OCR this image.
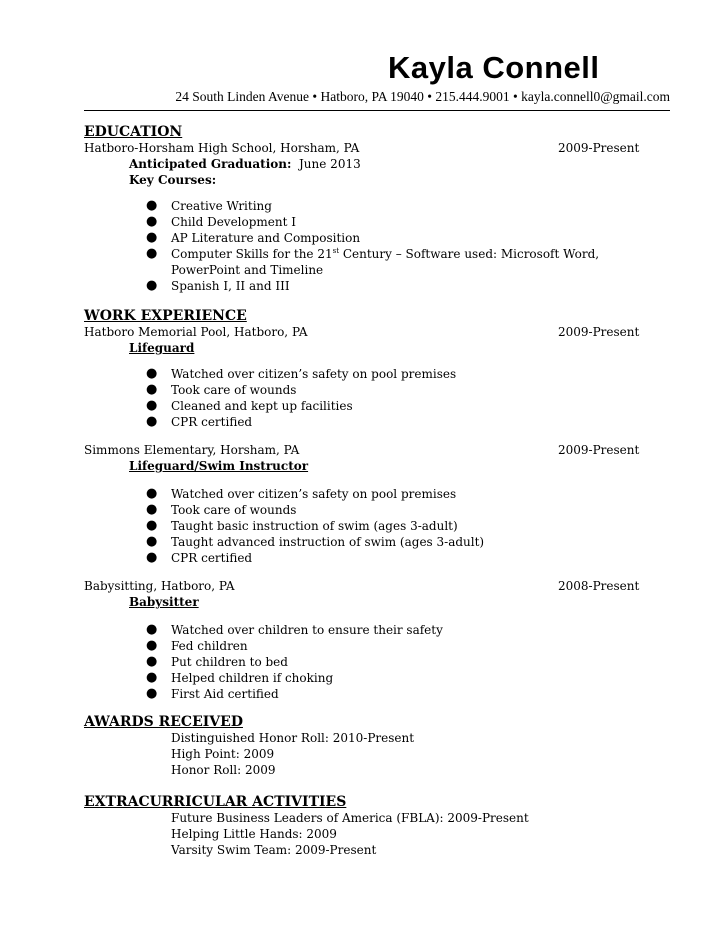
Kayla Connell
24 South Linden Avenue • Hatboro, PA 19040 • 215.444.9001 • kayla.connell0@gmail.com
EDUCATION
Hatboro-Horsham High School, Horsham, PA	2009-Present
Anticipated Graduation: June 2013
Key Courses:
● Creative Writing
● Child Development I
● AP Literature and Composition
● Computer Skills for the 21st Century – Software used: Microsoft Word,
PowerPoint and Timeline
● Spanish I, II and III
WORK EXPERIENCE
Hatboro Memorial Pool, Hatboro, PA	2009-Present
Lifeguard
● Watched over citizen’s safety on pool premises
● Took care of wounds
● Cleaned and kept up facilities
● CPR certified
Simmons Elementary, Horsham, PA	2009-Present
Lifeguard/Swim Instructor
● Watched over citizen’s safety on pool premises
● Took care of wounds
● Taught basic instruction of swim (ages 3-adult)
● Taught advanced instruction of swim (ages 3-adult)
● CPR certified
Babysitting, Hatboro, PA	2008-Present
Babysitter
● Watched over children to ensure their safety
● Fed children
● Put children to bed
● Helped children if choking
● First Aid certified
AWARDS RECEIVED
Distinguished Honor Roll: 2010-Present
High Point: 2009
Honor Roll: 2009
EXTRACURRICULAR ACTIVITIES
Future Business Leaders of America (FBLA): 2009-Present
Helping Little Hands: 2009
Varsity Swim Team: 2009-Present
